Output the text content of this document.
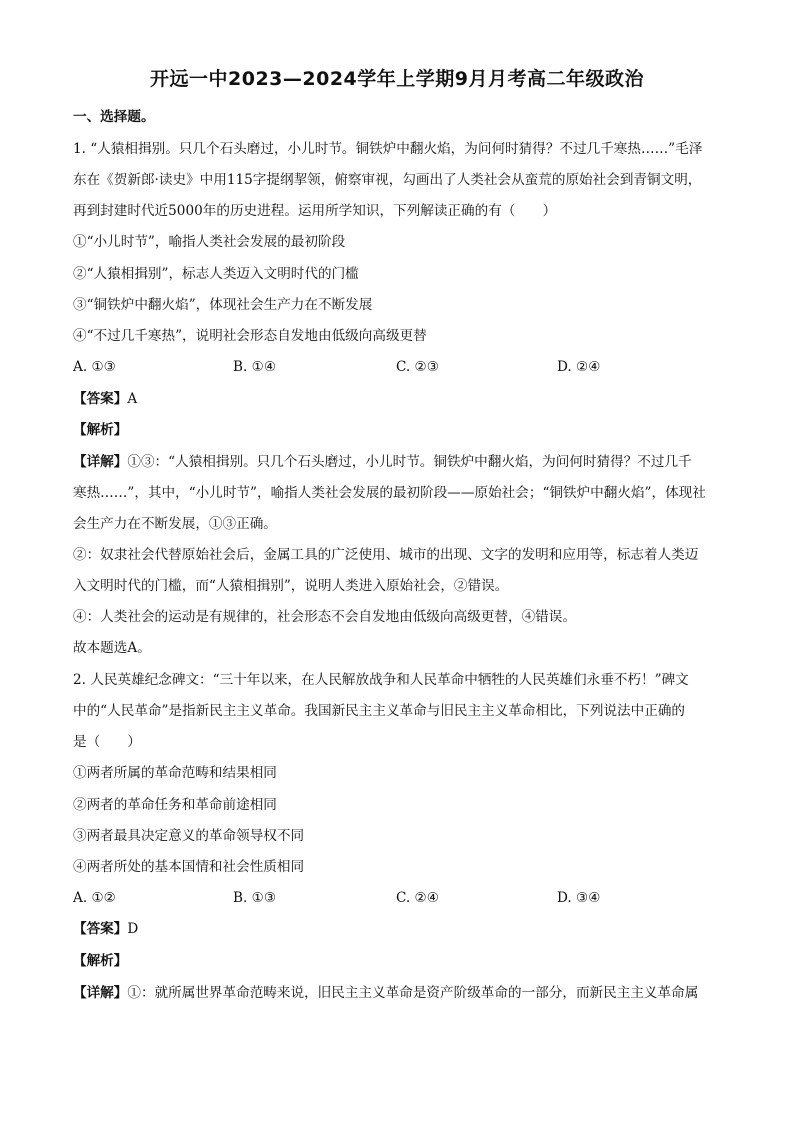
开远一中2023—2024学年上学期9月月考高二年级政治
一、选择题。
1. “人猿相揖别。只几个石头磨过，小儿时节。铜铁炉中翻火焰，为问何时猜得？不过几千寒热……”毛泽
东在《贺新郎·读史》中用115字提纲挈领，俯察审视，勾画出了人类社会从蛮荒的原始社会到青铜文明，
再到封建时代近5000年的历史进程。运用所学知识，下列解读正确的有（　　）
①“小儿时节”，喻指人类社会发展的最初阶段
②“人猿相揖别”，标志人类迈入文明时代的门槛
③“铜铁炉中翻火焰”，体现社会生产力在不断发展
④“不过几千寒热”，说明社会形态自发地由低级向高级更替
A. ①③	B. ①④	C. ②③	D. ②④
【答案】A
【解析】
【详解】①③：“人猿相揖别。只几个石头磨过，小儿时节。铜铁炉中翻火焰，为问何时猜得？不过几千
寒热……”，其中，“小儿时节”，喻指人类社会发展的最初阶段——原始社会；“铜铁炉中翻火焰”，体现社
会生产力在不断发展，①③正确。
②：奴隶社会代替原始社会后，金属工具的广泛使用、城市的出现、文字的发明和应用等，标志着人类迈
入文明时代的门槛，而“人猿相揖别”，说明人类进入原始社会，②错误。
④：人类社会的运动是有规律的，社会形态不会自发地由低级向高级更替，④错误。
故本题选A。
2. 人民英雄纪念碑文：“三十年以来，在人民解放战争和人民革命中牺牲的人民英雄们永垂不朽！”碑文
中的“人民革命”是指新民主主义革命。我国新民主主义革命与旧民主主义革命相比，下列说法中正确的
是（　　）
①两者所属的革命范畴和结果相同
②两者的革命任务和革命前途相同
③两者最具决定意义的革命领导权不同
④两者所处的基本国情和社会性质相同
A. ①②	B. ①③	C. ②④	D. ③④
【答案】D
【解析】
【详解】①：就所属世界革命范畴来说，旧民主主义革命是资产阶级革命的一部分，而新民主主义革命属
